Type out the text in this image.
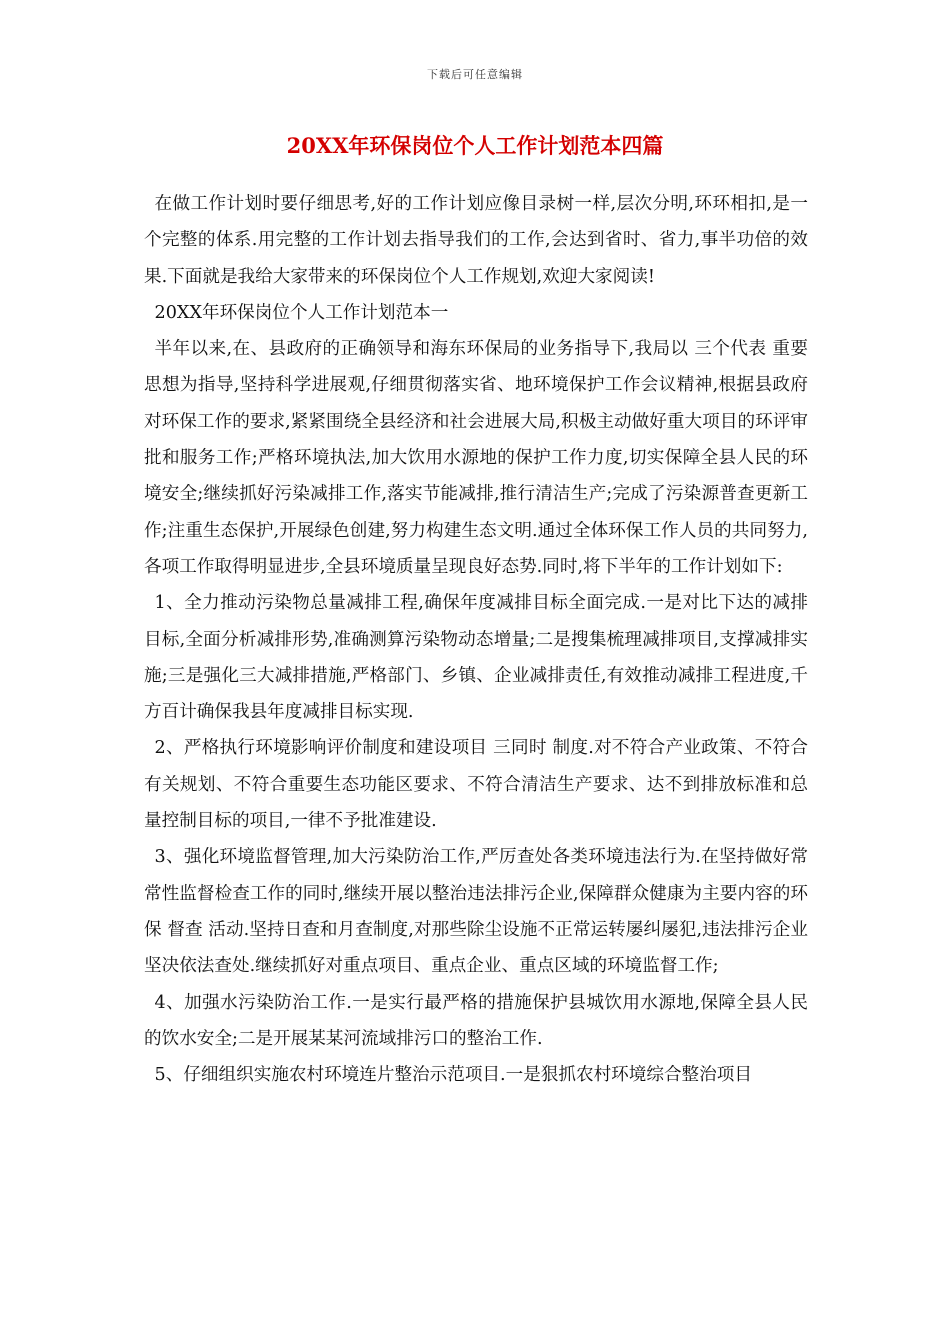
下载后可任意编辑
20XX年环保岗位个人工作计划范本四篇

在做工作计划时要仔细思考,好的工作计划应像目录树一样,层次分明,环环相扣,是一个完整的体系.用完整的工作计划去指导我们的工作,会达到省时、省力,事半功倍的效果.下面就是我给大家带来的环保岗位个人工作规划,欢迎大家阅读!

20XX年环保岗位个人工作计划范本一

半年以来,在、县政府的正确领导和海东环保局的业务指导下,我局以 三个代表 重要思想为指导,坚持科学进展观,仔细贯彻落实省、地环境保护工作会议精神,根据县政府对环保工作的要求,紧紧围绕全县经济和社会进展大局,积极主动做好重大项目的环评审批和服务工作;严格环境执法,加大饮用水源地的保护工作力度,切实保障全县人民的环境安全;继续抓好污染减排工作,落实节能减排,推行清洁生产;完成了污染源普查更新工作;注重生态保护,开展绿色创建,努力构建生态文明.通过全体环保工作人员的共同努力,各项工作取得明显进步,全县环境质量呈现良好态势.同时,将下半年的工作计划如下:

1、全力推动污染物总量减排工程,确保年度减排目标全面完成.一是对比下达的减排目标,全面分析减排形势,准确测算污染物动态增量;二是搜集梳理减排项目,支撑减排实施;三是强化三大减排措施,严格部门、乡镇、企业减排责任,有效推动减排工程进度,千方百计确保我县年度减排目标实现.

2、严格执行环境影响评价制度和建设项目 三同时 制度.对不符合产业政策、不符合有关规划、不符合重要生态功能区要求、不符合清洁生产要求、达不到排放标准和总量控制目标的项目,一律不予批准建设.

3、强化环境监督管理,加大污染防治工作,严厉查处各类环境违法行为.在坚持做好常常性监督检查工作的同时,继续开展以整治违法排污企业,保障群众健康为主要内容的环保 督查 活动.坚持日查和月查制度,对那些除尘设施不正常运转屡纠屡犯,违法排污企业坚决依法查处.继续抓好对重点项目、重点企业、重点区域的环境监督工作;

4、加强水污染防治工作.一是实行最严格的措施保护县城饮用水源地,保障全县人民的饮水安全;二是开展某某河流域排污口的整治工作.

5、仔细组织实施农村环境连片整治示范项目.一是狠抓农村环境综合整治项目
